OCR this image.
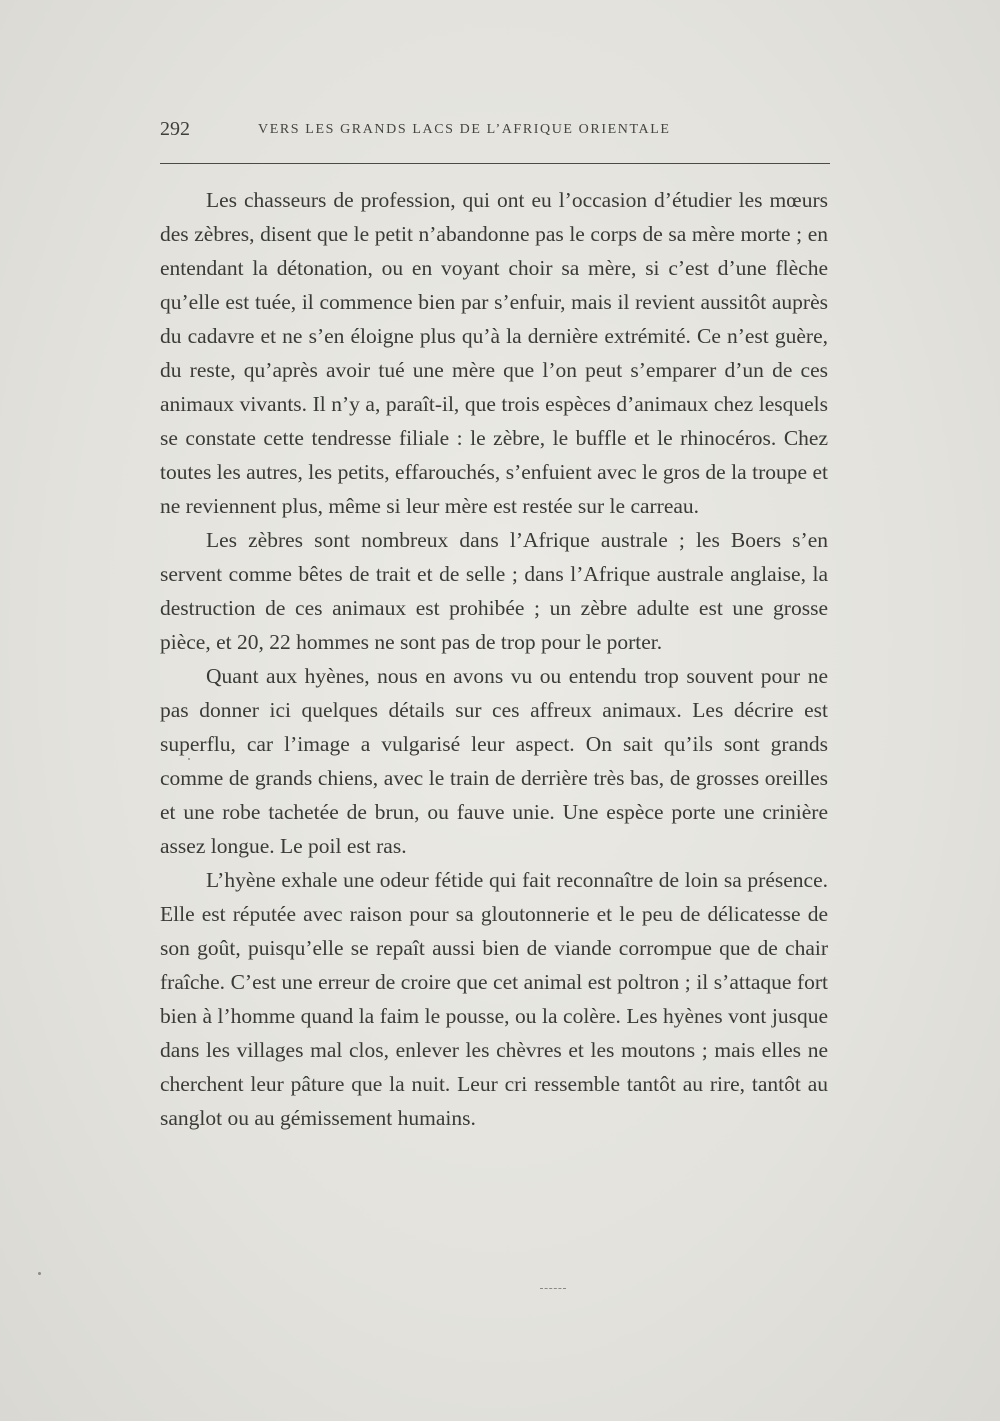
292	VERS LES GRANDS LACS DE L’AFRIQUE ORIENTALE

Les chasseurs de profession, qui ont eu l’occasion d’étudier les mœurs des zèbres, disent que le petit n’abandonne pas le corps de sa mère morte ; en entendant la détonation, ou en voyant choir sa mère, si c’est d’une flèche qu’elle est tuée, il commence bien par s’enfuir, mais il revient aussitôt auprès du cadavre et ne s’en éloigne plus qu’à la dernière extrémité. Ce n’est guère, du reste, qu’après avoir tué une mère que l’on peut s’emparer d’un de ces animaux vivants. Il n’y a, paraît-il, que trois espèces d’animaux chez lesquels se constate cette tendresse filiale : le zèbre, le buffle et le rhinocéros. Chez toutes les autres, les petits, effarouchés, s’enfuient avec le gros de la troupe et ne reviennent plus, même si leur mère est restée sur le carreau.

Les zèbres sont nombreux dans l’Afrique australe ; les Boers s’en servent comme bêtes de trait et de selle ; dans l’Afrique australe anglaise, la destruction de ces animaux est prohibée ; un zèbre adulte est une grosse pièce, et 20, 22 hommes ne sont pas de trop pour le porter.

Quant aux hyènes, nous en avons vu ou entendu trop souvent pour ne pas donner ici quelques détails sur ces affreux animaux. Les décrire est superflu, car l’image a vulgarisé leur aspect. On sait qu’ils sont grands comme de grands chiens, avec le train de derrière très bas, de grosses oreilles et une robe tachetée de brun, ou fauve unie. Une espèce porte une crinière assez longue. Le poil est ras.

L’hyène exhale une odeur fétide qui fait reconnaître de loin sa présence. Elle est réputée avec raison pour sa gloutonnerie et le peu de délicatesse de son goût, puisqu’elle se repaît aussi bien de viande corrompue que de chair fraîche. C’est une erreur de croire que cet animal est poltron ; il s’attaque fort bien à l’homme quand la faim le pousse, ou la colère. Les hyènes vont jusque dans les villages mal clos, enlever les chèvres et les moutons ; mais elles ne cherchent leur pâture que la nuit. Leur cri ressemble tantôt au rire, tantôt au sanglot ou au gémissement humains.
